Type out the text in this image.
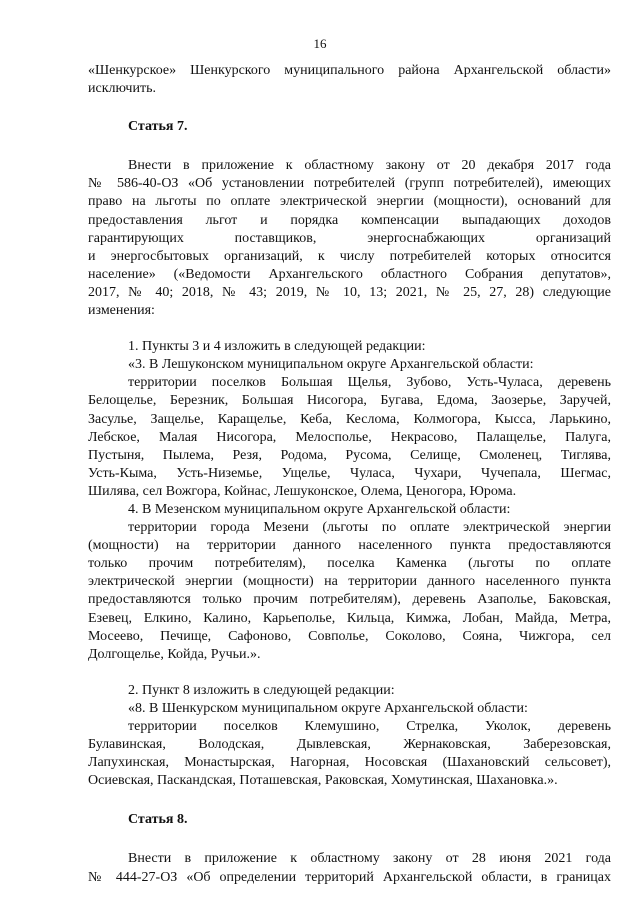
16
«Шенкурское» Шенкурского муниципального района Архангельской области»
исключить.
Статья 7.
Внести в приложение к областному закону от 20 декабря 2017 года
№ 586-40-ОЗ «Об установлении потребителей (групп потребителей), имеющих
право на льготы по оплате электрической энергии (мощности), оснований для
предоставления льгот и порядка компенсации выпадающих доходов
гарантирующих поставщиков, энергоснабжающих организаций
и энергосбытовых организаций, к числу потребителей которых относится
население» («Ведомости Архангельского областного Собрания депутатов»,
2017, № 40; 2018, № 43; 2019, № 10, 13; 2021, № 25, 27, 28) следующие
изменения:
1. Пункты 3 и 4 изложить в следующей редакции:
«3. В Лешуконском муниципальном округе Архангельской области:
территории поселков Большая Щелья, Зубово, Усть-Чуласа, деревень
Белощелье, Березник, Большая Нисогора, Бугава, Едома, Заозерье, Заручей,
Засулье, Защелье, Каращелье, Кеба, Кеслома, Колмогора, Кысса, Ларькино,
Лебское, Малая Нисогора, Мелосполье, Некрасово, Палащелье, Палуга,
Пустыня, Пылема, Резя, Родома, Русома, Селище, Смоленец, Тиглява,
Усть-Кыма, Усть-Низемье, Ущелье, Чуласа, Чухари, Чучепала, Шегмас,
Шилява, сел Вожгора, Койнас, Лешуконское, Олема, Ценогора, Юрома.
4. В Мезенском муниципальном округе Архангельской области:
территории города Мезени (льготы по оплате электрической энергии
(мощности) на территории данного населенного пункта предоставляются
только прочим потребителям), поселка Каменка (льготы по оплате
электрической энергии (мощности) на территории данного населенного пункта
предоставляются только прочим потребителям), деревень Азаполье, Баковская,
Езевец, Елкино, Калино, Карьеполье, Кильца, Кимжа, Лобан, Майда, Метра,
Мосеево, Печище, Сафоново, Совполье, Соколово, Сояна, Чижгора, сел
Долгощелье, Койда, Ручьи.».
2. Пункт 8 изложить в следующей редакции:
«8. В Шенкурском муниципальном округе Архангельской области:
территории поселков Клемушино, Стрелка, Уколок, деревень
Булавинская, Володская, Дывлевская, Жернаковская, Заберезовская,
Лапухинская, Монастырская, Нагорная, Носовская (Шахановский сельсовет),
Осиевская, Паскандская, Поташевская, Раковская, Хомутинская, Шахановка.».
Статья 8.
Внести в приложение к областному закону от 28 июня 2021 года
№ 444-27-ОЗ «Об определении территорий Архангельской области, в границах
